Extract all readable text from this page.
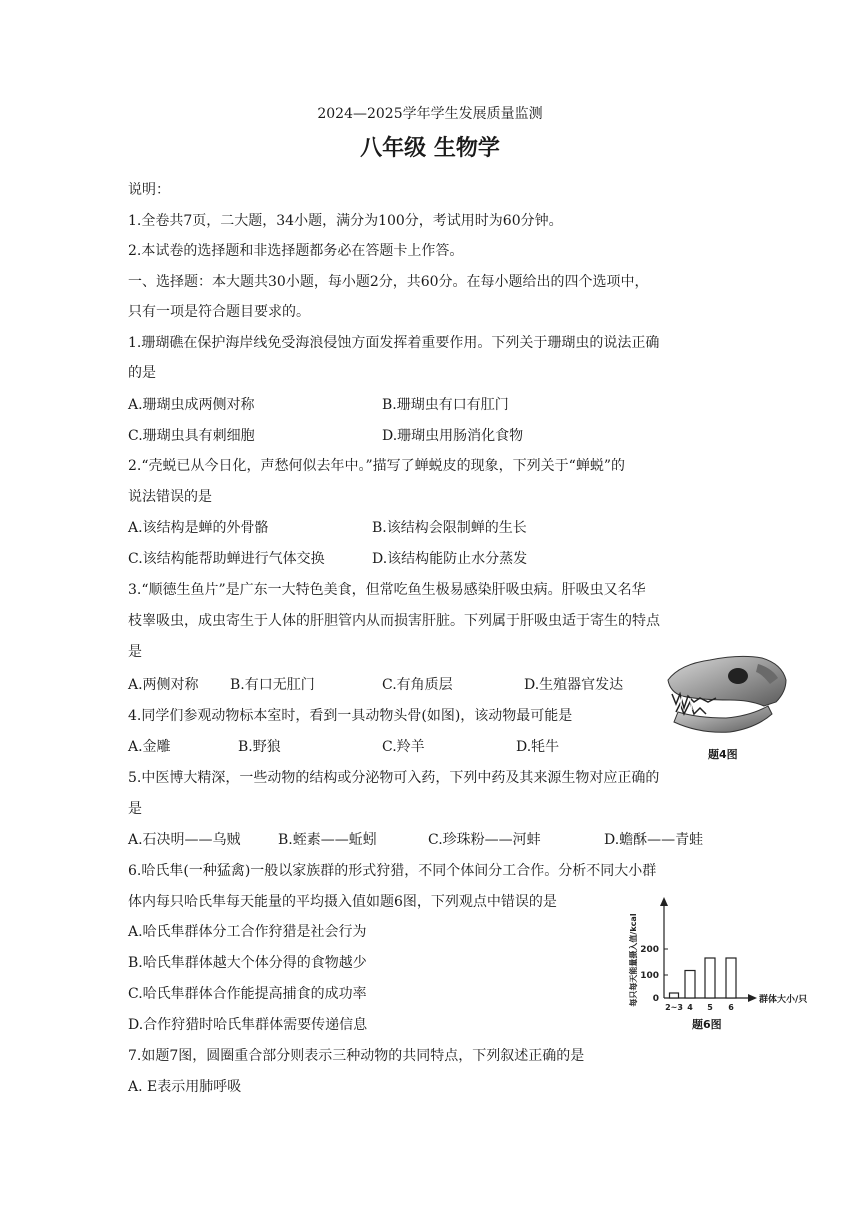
2024—2025学年学生发展质量监测
八年级 生物学
说明：
1.全卷共7页，二大题，34小题，满分为100分，考试用时为60分钟。
2.本试卷的选择题和非选择题都务必在答题卡上作答。
一、选择题：本大题共30小题，每小题2分，共60分。在每小题给出的四个选项中，
只有一项是符合题目要求的。
1.珊瑚礁在保护海岸线免受海浪侵蚀方面发挥着重要作用。下列关于珊瑚虫的说法正确
的是
A.珊瑚虫成两侧对称	B.珊瑚虫有口有肛门
C.珊瑚虫具有刺细胞	D.珊瑚虫用肠消化食物
2.“壳蜕已从今日化，声愁何似去年中。”描写了蝉蜕皮的现象，下列关于“蝉蜕”的
说法错误的是
A.该结构是蝉的外骨骼	B.该结构会限制蝉的生长
C.该结构能帮助蝉进行气体交换	D.该结构能防止水分蒸发
3.“顺德生鱼片”是广东一大特色美食，但常吃鱼生极易感染肝吸虫病。肝吸虫又名华
枝睾吸虫，成虫寄生于人体的肝胆管内从而损害肝脏。下列属于肝吸虫适于寄生的特点
是
A.两侧对称 B.有口无肛门	C.有角质层	D.生殖器官发达
4.同学们参观动物标本室时，看到一具动物头骨(如图)，该动物最可能是
A.金雕	B.野狼	C.羚羊	D.牦牛	题4图
5.中医博大精深，一些动物的结构或分泌物可入药，下列中药及其来源生物对应正确的
是
A.石决明——乌贼	B.蛭素——蚯蚓	C.珍珠粉——河蚌	D.蟾酥——青蛙
6.哈氏隼(一种猛禽)一般以家族群的形式狩猎，不同个体间分工合作。分析不同大小群
体内每只哈氏隼每天能量的平均摄入值如题6图，下列观点中错误的是
A.哈氏隼群体分工合作狩猎是社会行为
B.哈氏隼群体越大个体分得的食物越少
C.哈氏隼群体合作能提高捕食的成功率
D.合作狩猎时哈氏隼群体需要传递信息
每只每天能量摄入值/kcal	群体大小/只
0
100
200
2~3 4 5 6
题6图
7.如题7图，圆圈重合部分则表示三种动物的共同特点，下列叙述正确的是
A. E表示用肺呼吸
